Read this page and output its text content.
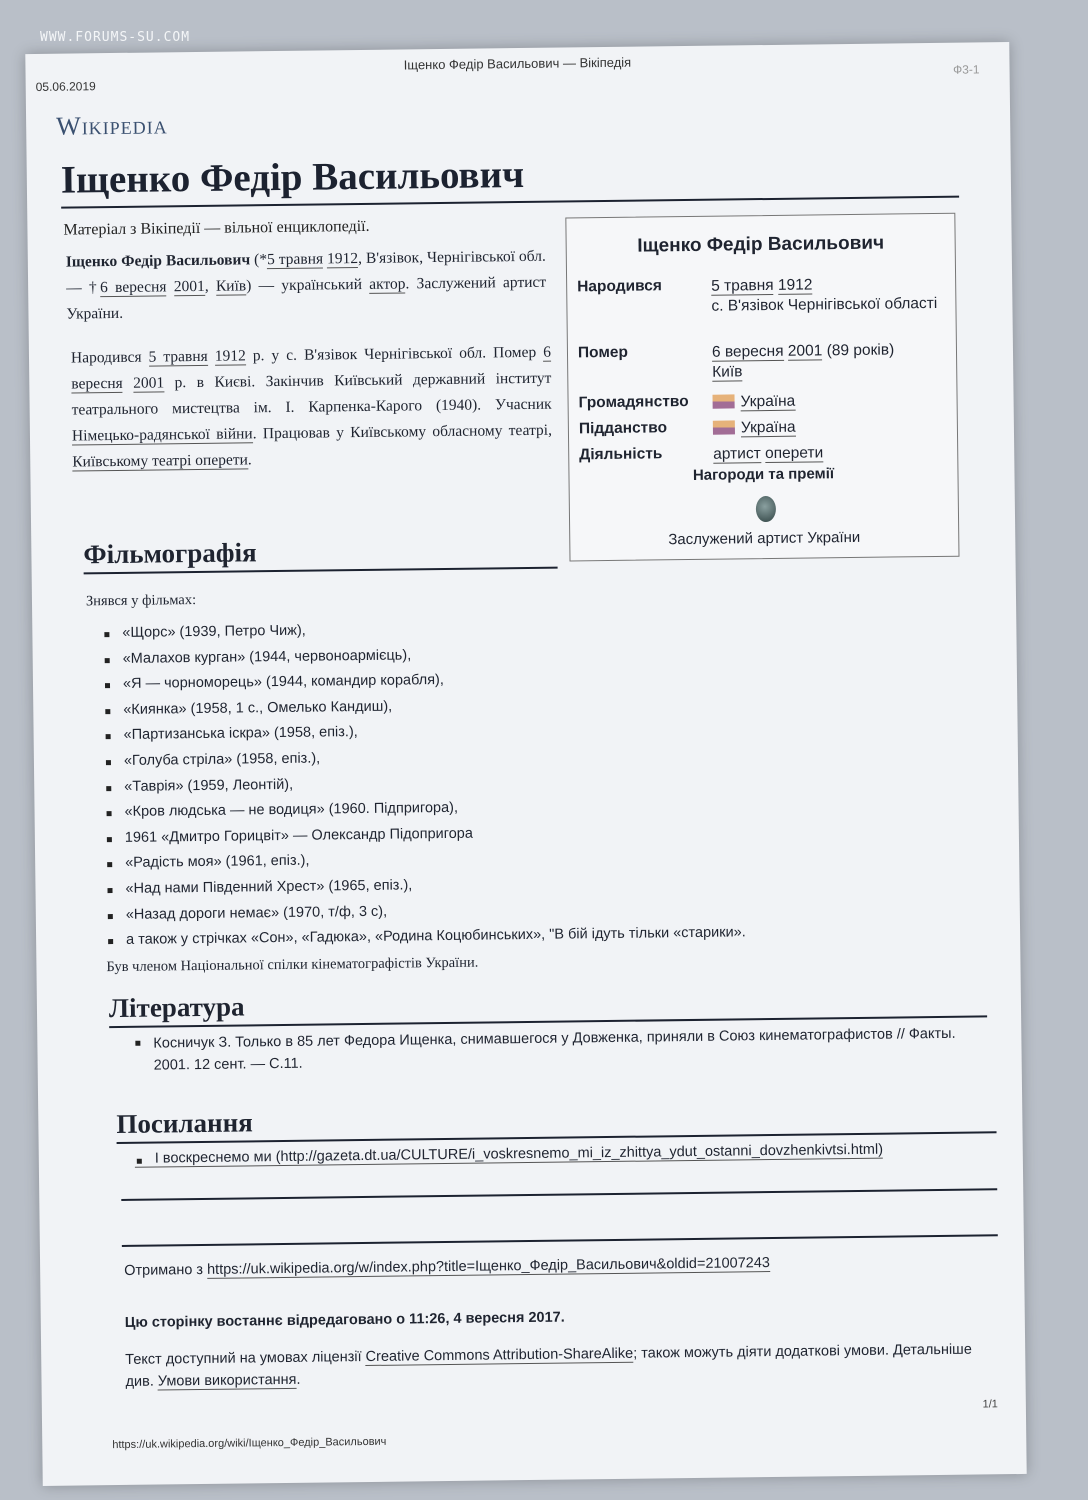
WWW.FORUMS-SU.COM
Іщенко Федір Васильович — Вікіпедія
05.06.2019
Ф3-1
Wikipedia
Іщенко Федір Васильович
Матеріал з Вікіпедії — вільної енциклопедії.
Іщенко Федір Васильович (*5 травня 1912, В'язівок, Чернігівської обл. — †6 вересня 2001, Київ) — український актор. Заслужений артист України.
Народився 5 травня 1912 р. у с. В'язівок Чернігівської обл. Помер 6 вересня 2001 р. в Києві. Закінчив Київський державний інститут театрального мистецтва ім. І. Карпенка-Карого (1940). Учасник Німецько-радянської війни. Працював у Київському обласному театрі, Київському театрі оперети.
Іщенко Федір Васильович
Народився	5 травня 1912
с. В'язівок Чернігівської області
Помер	6 вересня 2001 (89 років)
Київ
Громадянство	Україна
Підданство	Україна
Діяльність	артист оперети
Нагороди та премії
Заслужений артист України
Фільмографія
Знявся у фільмах:
«Щорс» (1939, Петро Чиж),
«Малахов курган» (1944, червоноармієць),
«Я — чорноморець» (1944, командир корабля),
«Киянка» (1958, 1 с., Омелько Кандиш),
«Партизанська іскра» (1958, епіз.),
«Голуба стріла» (1958, епіз.),
«Таврія» (1959, Леонтій),
«Кров людська — не водиця» (1960. Підпригора),
1961 «Дмитро Горицвіт» — Олександр Підопригора
«Радість моя» (1961, епіз.),
«Над нами Південний Хрест» (1965, епіз.),
«Назад дороги немає» (1970, т/ф, 3 с),
а також у стрічках «Сон», «Гадюка», «Родина Коцюбинських», "В бій ідуть тільки «старики».
Був членом Національної спілки кінематографістів України.
Література
Косничук З. Только в 85 лет Федора Ищенка, снимавшегося у Довженка, приняли в Союз кинематографистов // Факты. 2001. 12 сент. — С.11.
Посилання
І воскреснемо ми (http://gazeta.dt.ua/CULTURE/i_voskresnemo_mi_iz_zhittya_ydut_ostanni_dovzhenkivtsi.html)
Отримано з https://uk.wikipedia.org/w/index.php?title=Іщенко_Федір_Васильович&oldid=21007243
Цю сторінку востаннє відредаговано о 11:26, 4 вересня 2017.
Текст доступний на умовах ліцензії Creative Commons Attribution-ShareAlike; також можуть діяти додаткові умови. Детальніше див. Умови використання.
1/1
https://uk.wikipedia.org/wiki/Іщенко_Федір_Васильович
